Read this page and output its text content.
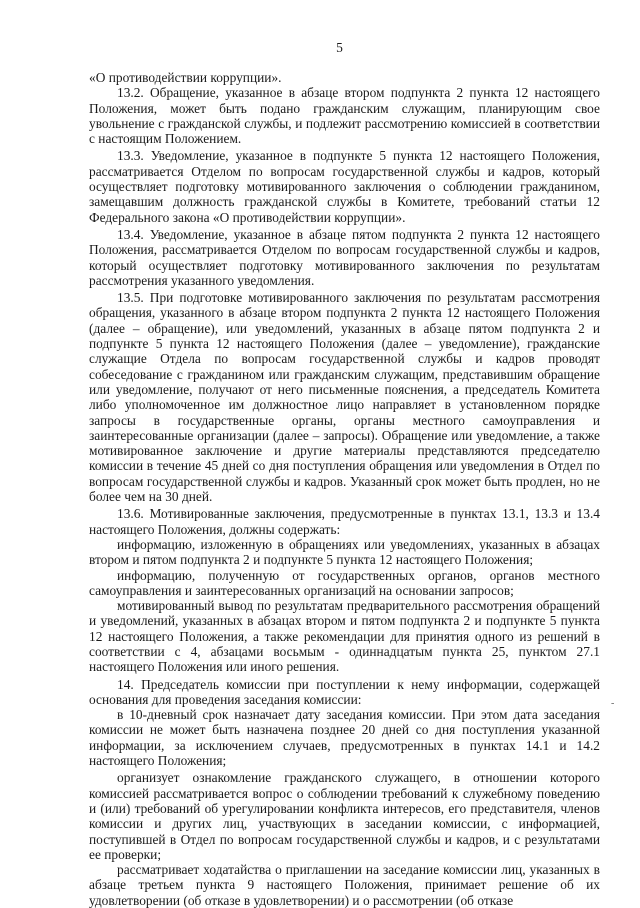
5

«О противодействии коррупции».

13.2. Обращение, указанное в абзаце втором подпункта 2 пункта 12 настоящего Положения, может быть подано гражданским служащим, планирующим свое увольнение с гражданской службы, и подлежит рассмотрению комиссией в соответствии с настоящим Положением.

13.3. Уведомление, указанное в подпункте 5 пункта 12 настоящего Положения, рассматривается Отделом по вопросам государственной службы и кадров, который осуществляет подготовку мотивированного заключения о соблюдении гражданином, замещавшим должность гражданской службы в Комитете, требований статьи 12 Федерального закона «О противодействии коррупции».

13.4. Уведомление, указанное в абзаце пятом подпункта 2 пункта 12 настоящего Положения, рассматривается Отделом по вопросам государственной службы и кадров, который осуществляет подготовку мотивированного заключения по результатам рассмотрения указанного уведомления.

13.5. При подготовке мотивированного заключения по результатам рассмотрения обращения, указанного в абзаце втором подпункта 2 пункта 12 настоящего Положения (далее – обращение), или уведомлений, указанных в абзаце пятом подпункта 2 и подпункте 5 пункта 12 настоящего Положения (далее – уведомление), гражданские служащие Отдела по вопросам государственной службы и кадров проводят собеседование с гражданином или гражданским служащим, представившим обращение или уведомление, получают от него письменные пояснения, а председатель Комитета либо уполномоченное им должностное лицо направляет в установленном порядке запросы в государственные органы, органы местного самоуправления и заинтересованные организации (далее – запросы). Обращение или уведомление, а также мотивированное заключение и другие материалы представляются председателю комиссии в течение 45 дней со дня поступления обращения или уведомления в Отдел по вопросам государственной службы и кадров. Указанный срок может быть продлен, но не более чем на 30 дней.

13.6. Мотивированные заключения, предусмотренные в пунктах 13.1, 13.3 и 13.4 настоящего Положения, должны содержать:

информацию, изложенную в обращениях или уведомлениях, указанных в абзацах втором и пятом подпункта 2 и подпункте 5 пункта 12 настоящего Положения;

информацию, полученную от государственных органов, органов местного самоуправления и заинтересованных организаций на основании запросов;

мотивированный вывод по результатам предварительного рассмотрения обращений и уведомлений, указанных в абзацах втором и пятом подпункта 2 и подпункте 5 пункта 12 настоящего Положения, а также рекомендации для принятия одного из решений в соответствии с 4, абзацами восьмым - одиннадцатым пункта 25, пунктом 27.1 настоящего Положения или иного решения.

14. Председатель комиссии при поступлении к нему информации, содержащей основания для проведения заседания комиссии:

в 10-дневный срок назначает дату заседания комиссии. При этом дата заседания комиссии не может быть назначена позднее 20 дней со дня поступления указанной информации, за исключением случаев, предусмотренных в пунктах 14.1 и 14.2 настоящего Положения;

организует ознакомление гражданского служащего, в отношении которого комиссией рассматривается вопрос о соблюдении требований к служебному поведению и (или) требований об урегулировании конфликта интересов, его представителя, членов комиссии и других лиц, участвующих в заседании комиссии, с информацией, поступившей в Отдел по вопросам государственной службы и кадров, и с результатами ее проверки;

рассматривает ходатайства о приглашении на заседание комиссии лиц, указанных в абзаце третьем пункта 9 настоящего Положения, принимает решение об их удовлетворении (об отказе в удовлетворении) и о рассмотрении (об отказе

-
